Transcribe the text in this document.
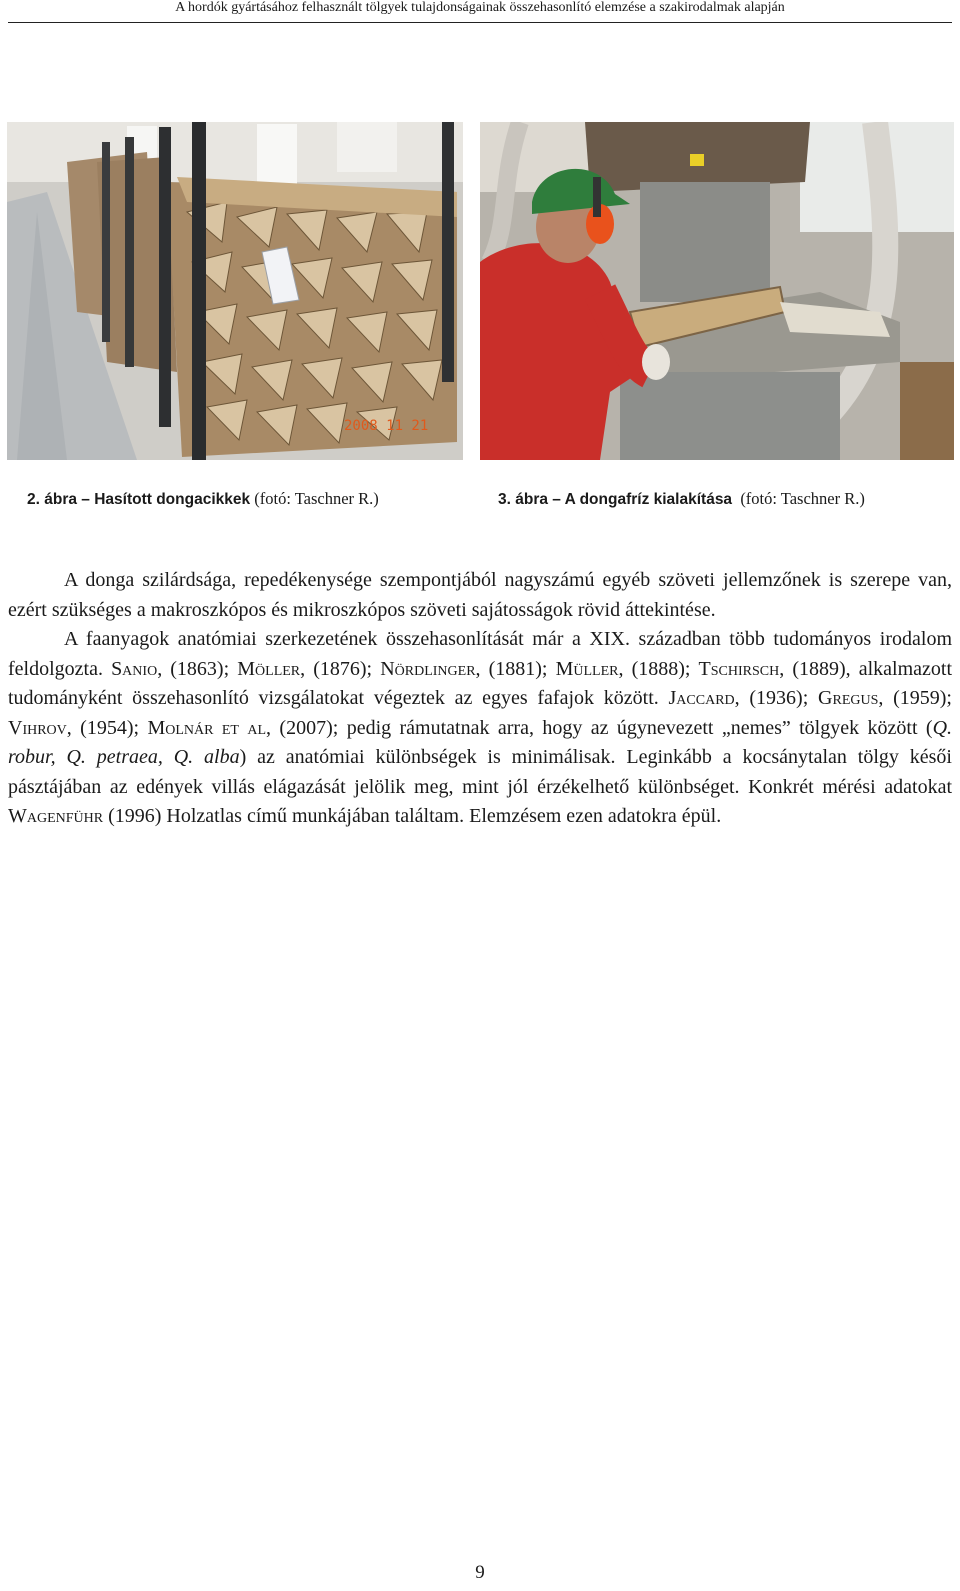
A hordók gyártásához felhasznált tölgyek tulajdonságainak összehasonlító elemzése a szakirodalmak alapján
2008 11 21
2. ábra – Hasított dongacikkek (fotó: Taschner R.)	3. ábra – A dongafríz kialakítása (fotó: Taschner R.)

A donga szilárdsága, repedékenysége szempontjából nagyszámú egyéb szöveti jellemzőnek is szerepe van, ezért szükséges a makroszkópos és mikroszkópos szöveti sajátosságok rövid áttekintése.

A faanyagok anatómiai szerkezetének összehasonlítását már a XIX. században több tudományos irodalom feldolgozta. Sanio, (1863); Möller, (1876); Nördlinger, (1881); Müller, (1888); Tschirsch, (1889), alkalmazott tudományként összehasonlító vizsgálatokat végeztek az egyes fafajok között. Jaccard, (1936); Gregus, (1959); Vihrov, (1954); Molnár et al, (2007); pedig rámutatnak arra, hogy az úgynevezett „nemes” tölgyek között (Q. robur, Q. petraea, Q. alba) az anatómiai különbségek is minimálisak. Leginkább a kocsánytalan tölgy késői pásztájában az edények villás elágazását jelölik meg, mint jól érzékelhető különbséget. Konkrét mérési adatokat Wagenführ (1996) Holzatlas című munkájában találtam. Elemzésem ezen adatokra épül.

9
